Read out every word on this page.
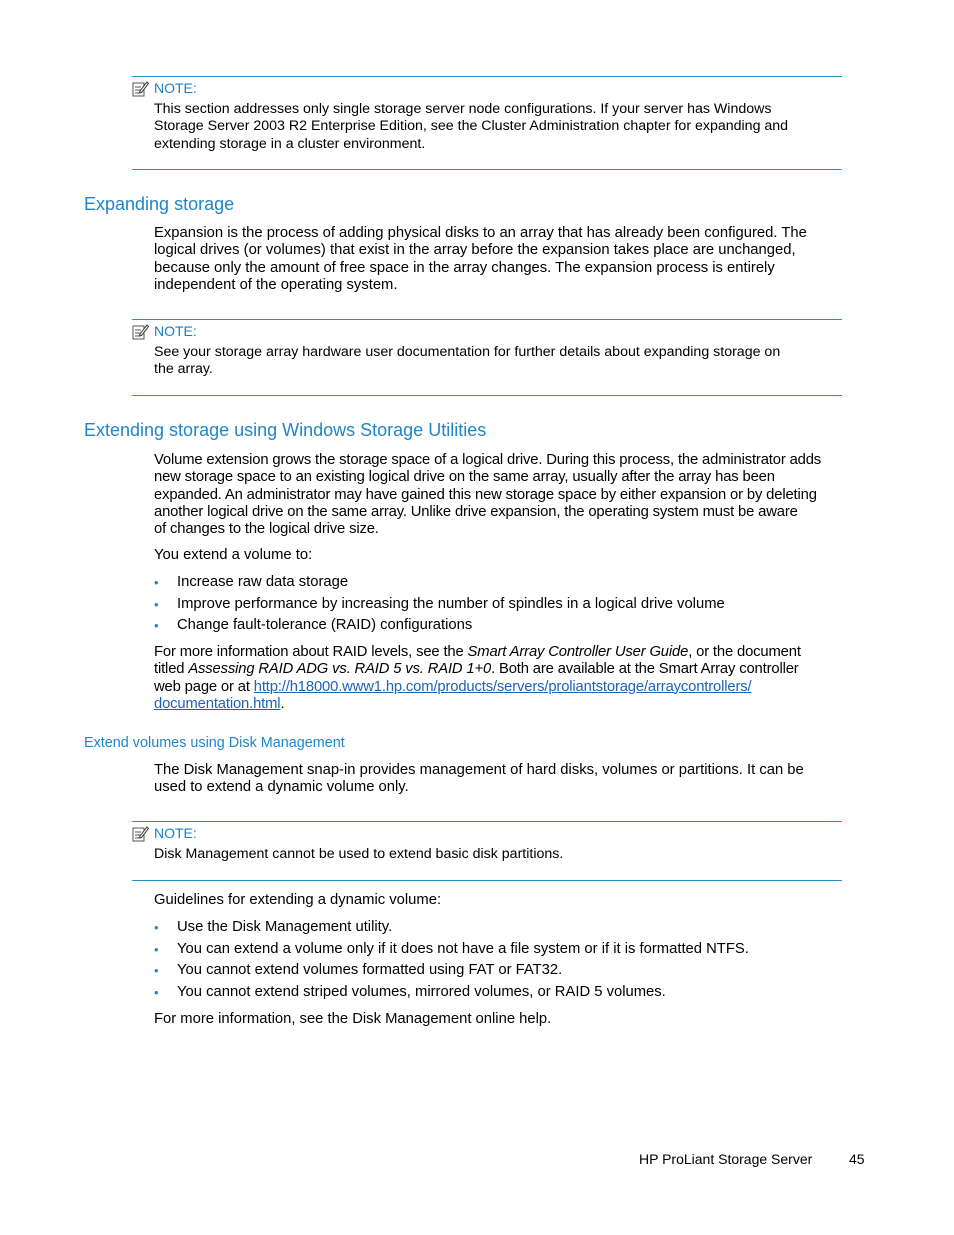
NOTE:
This section addresses only single storage server node configurations. If your server has Windows
Storage Server 2003 R2 Enterprise Edition, see the Cluster Administration chapter for expanding and
extending storage in a cluster environment.
Expanding storage
Expansion is the process of adding physical disks to an array that has already been configured. The
logical drives (or volumes) that exist in the array before the expansion takes place are unchanged,
because only the amount of free space in the array changes. The expansion process is entirely
independent of the operating system.
NOTE:
See your storage array hardware user documentation for further details about expanding storage on
the array.
Extending storage using Windows Storage Utilities
Volume extension grows the storage space of a logical drive. During this process, the administrator adds
new storage space to an existing logical drive on the same array, usually after the array has been
expanded. An administrator may have gained this new storage space by either expansion or by deleting
another logical drive on the same array. Unlike drive expansion, the operating system must be aware
of changes to the logical drive size.
You extend a volume to:
• Increase raw data storage
• Improve performance by increasing the number of spindles in a logical drive volume
• Change fault-tolerance (RAID) configurations
For more information about RAID levels, see the Smart Array Controller User Guide, or the document
titled Assessing RAID ADG vs. RAID 5 vs. RAID 1+0. Both are available at the Smart Array controller
web page or at http://h18000.www1.hp.com/products/servers/proliantstorage/arraycontrollers/
documentation.html.
Extend volumes using Disk Management
The Disk Management snap-in provides management of hard disks, volumes or partitions. It can be
used to extend a dynamic volume only.
NOTE:
Disk Management cannot be used to extend basic disk partitions.
Guidelines for extending a dynamic volume:
• Use the Disk Management utility.
• You can extend a volume only if it does not have a file system or if it is formatted NTFS.
• You cannot extend volumes formatted using FAT or FAT32.
• You cannot extend striped volumes, mirrored volumes, or RAID 5 volumes.
For more information, see the Disk Management online help.
HP ProLiant Storage Server	45
